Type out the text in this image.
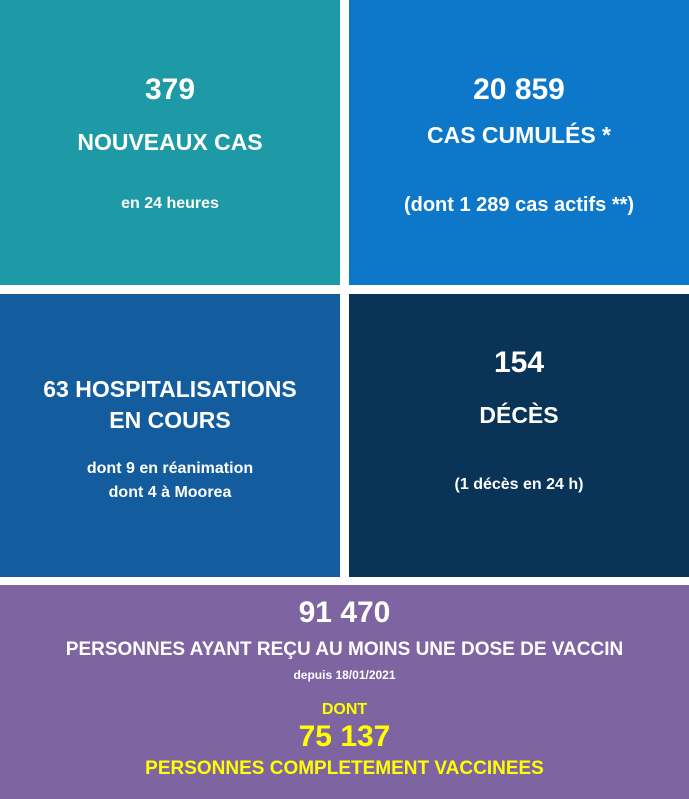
379

NOUVEAUX CAS

en 24 heures

20 859

CAS CUMULÉS *

(dont 1 289 cas actifs **)

63 HOSPITALISATIONS

EN COURS

dont 9 en réanimation

dont 4 à Moorea

154

DÉCÈS

(1 décès en 24 h)

91 470

PERSONNES AYANT REÇU AU MOINS UNE DOSE DE VACCIN

depuis 18/01/2021

DONT

75 137

PERSONNES COMPLETEMENT VACCINEES
